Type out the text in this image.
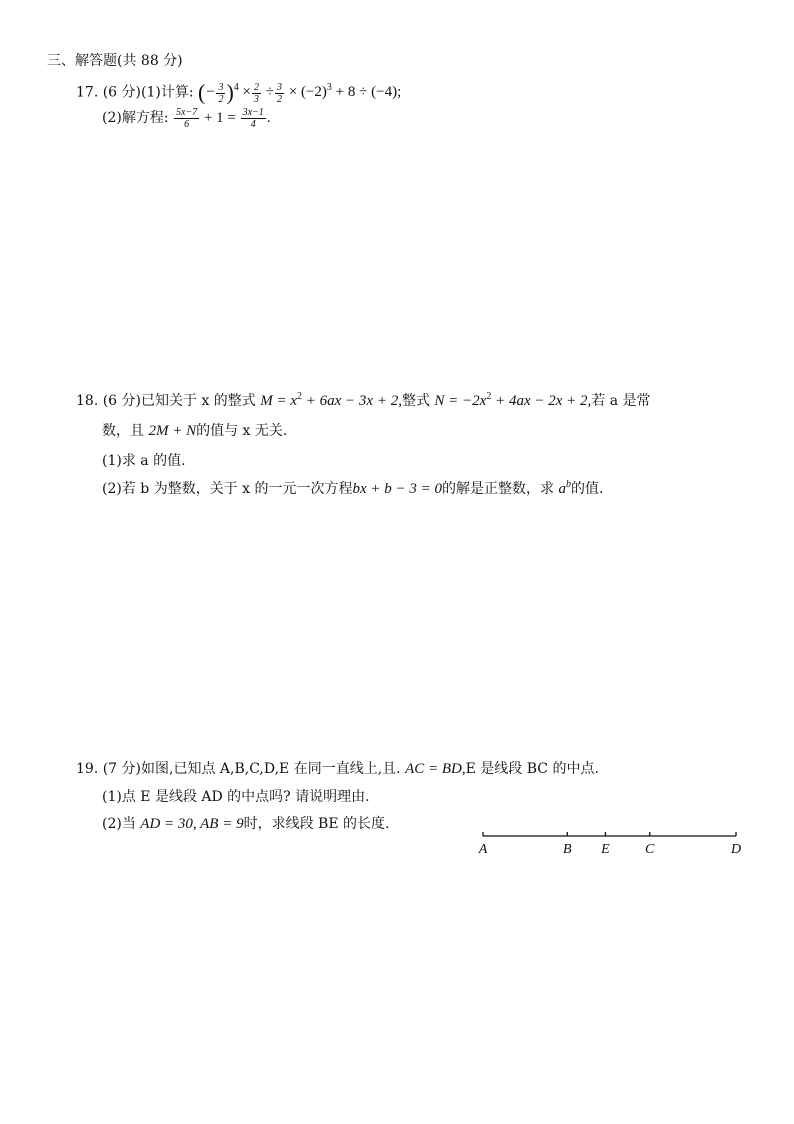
三、解答题(共 88 分)
17. (6 分)(1)计算: (− $\frac{3}{2} )^4 \times \frac{2}{3} \div \frac{3}{2} \times (-2)^3 + 8 \div (-4)$;
(2)解方程: $\frac{5x-7}{6} + 1 = \frac{3x-1}{4}$ .
18. (6 分)已知关于 x 的整式 $M = x^2 + 6ax - 3x + 2$,整式 $N = -2x^2 + 4ax - 2x + 2$,若 a 是常
数，且 2M + N的值与 x 无关.
(1)求 a 的值.
(2)若 b 为整数，关于 x 的一元一次方程bx + b − 3 = 0的解是正整数，求 $a^b$的值.
19. (7 分)如图,已知点 A,B,C,D,E 在同一直线上,且. AC = BD,E 是线段 BC 的中点.
(1)点 E 是线段 AD 的中点吗? 请说明理由.
(2)当 AD = 30, AB = 9时，求线段 BE 的长度.
A	B E	C	D
